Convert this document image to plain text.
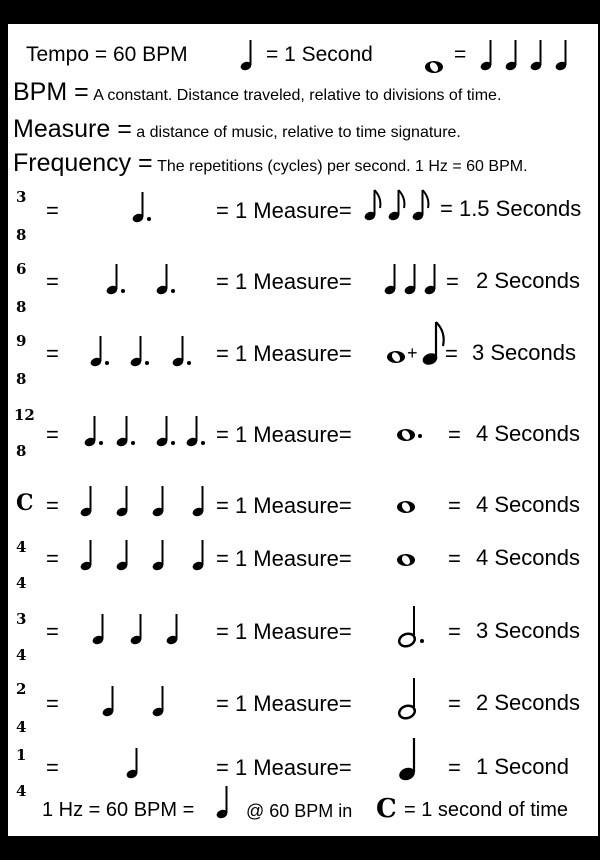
Tempo = 60 BPM	= 1 Second	=
BPM = A constant. Distance traveled, relative to divisions of time.
Measure = a distance of music, relative to time signature.
Frequency = The repetitions (cycles) per second. 1 Hz = 60 BPM.
3
8
=	= 1 Measure=	= 1.5 Seconds
6
8
=	= 1 Measure=	= 2 Seconds
9
8
=	= 1 Measure=	+ = 3 Seconds
12
8
=	= 1 Measure=	= 4 Seconds
C =	= 1 Measure=	= 4 Seconds
4
4
=	= 1 Measure=	= 4 Seconds
3
4
=	= 1 Measure=	= 3 Seconds
2
4
=	= 1 Measure=	= 2 Seconds
1
4
=	= 1 Measure=	= 1 Second
1 Hz = 60 BPM =	@ 60 BPM in C = 1 second of time
